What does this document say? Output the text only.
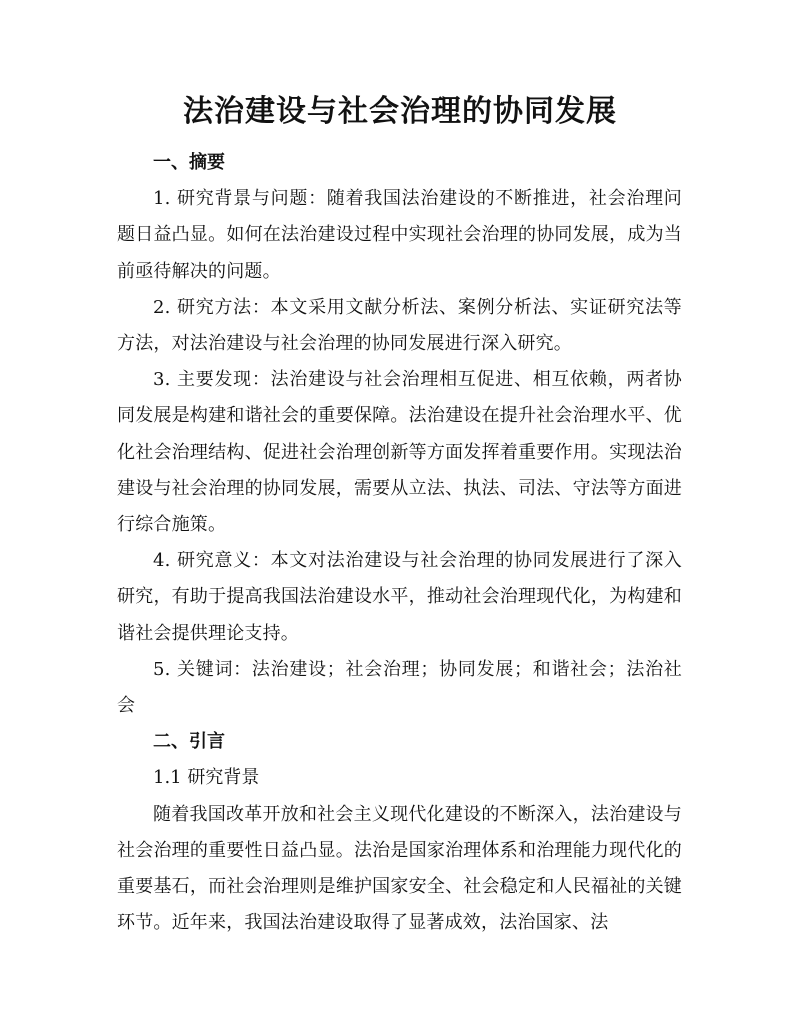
法治建设与社会治理的协同发展

一、摘要

1. 研究背景与问题：随着我国法治建设的不断推进，社会治理问题日益凸显。如何在法治建设过程中实现社会治理的协同发展，成为当前亟待解决的问题。

2. 研究方法：本文采用文献分析法、案例分析法、实证研究法等方法，对法治建设与社会治理的协同发展进行深入研究。

3. 主要发现：法治建设与社会治理相互促进、相互依赖，两者协同发展是构建和谐社会的重要保障。法治建设在提升社会治理水平、优化社会治理结构、促进社会治理创新等方面发挥着重要作用。实现法治建设与社会治理的协同发展，需要从立法、执法、司法、守法等方面进行综合施策。

4. 研究意义：本文对法治建设与社会治理的协同发展进行了深入研究，有助于提高我国法治建设水平，推动社会治理现代化，为构建和谐社会提供理论支持。

5. 关键词：法治建设；社会治理；协同发展；和谐社会；法治社会

二、引言

1.1 研究背景

随着我国改革开放和社会主义现代化建设的不断深入，法治建设与社会治理的重要性日益凸显。法治是国家治理体系和治理能力现代化的重要基石，而社会治理则是维护国家安全、社会稳定和人民福祉的关键环节。近年来，我国法治建设取得了显著成效，法治国家、法
